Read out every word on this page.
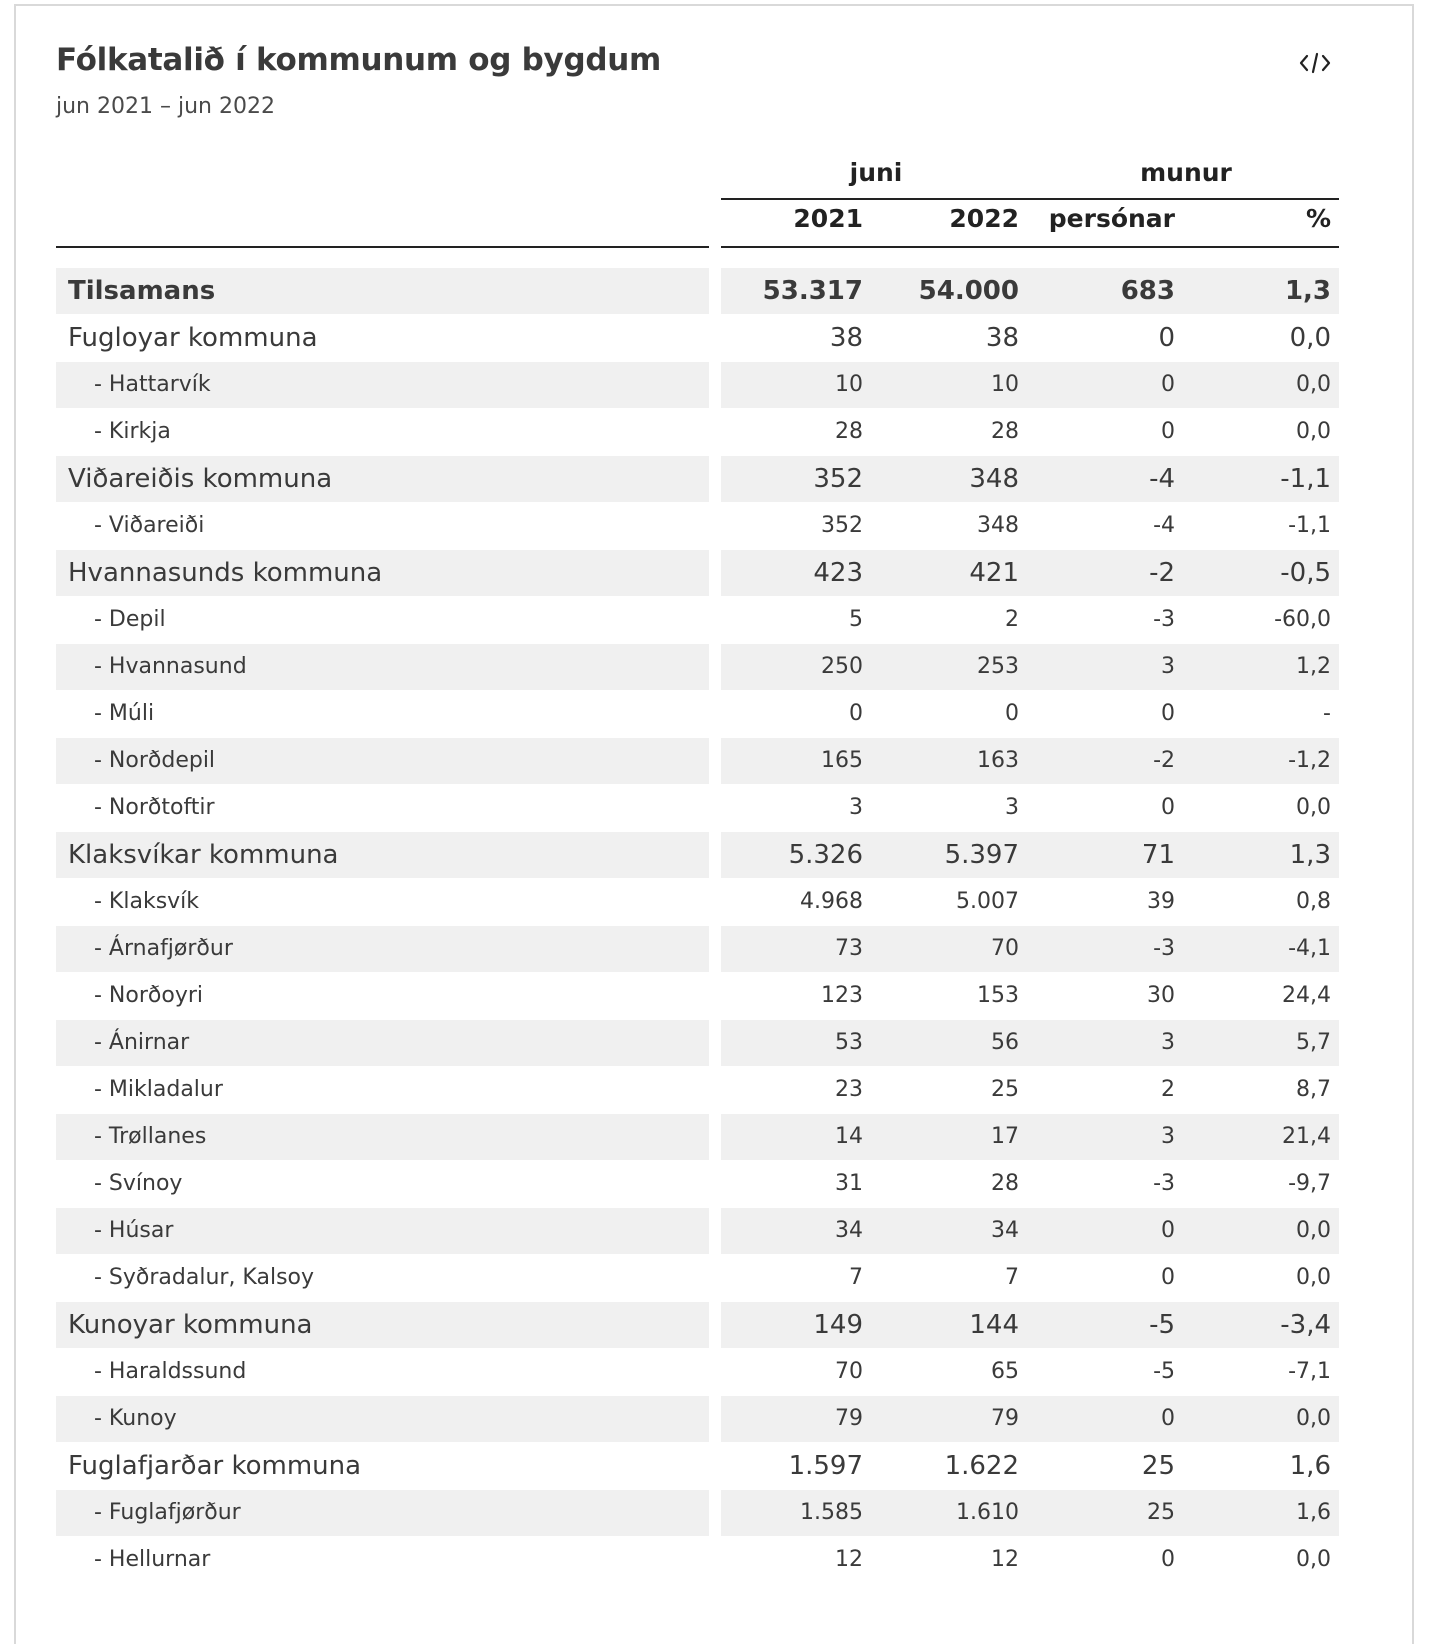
Fólkatalið í kommunum og bygdum
jun 2021 – jun 2022
juni	munur
2021	2022	persónar	%
Tilsamans	53.317	54.000	683	1,3
Fugloyar kommuna	38	38	0	0,0
- Hattarvík	10	10	0	0,0
- Kirkja	28	28	0	0,0
Viðareiðis kommuna	352	348	-4	-1,1
- Viðareiði	352	348	-4	-1,1
Hvannasunds kommuna	423	421	-2	-0,5
- Depil	5	2	-3	-60,0
- Hvannasund	250	253	3	1,2
- Múli	0	0	0	-
- Norðdepil	165	163	-2	-1,2
- Norðtoftir	3	3	0	0,0
Klaksvíkar kommuna	5.326	5.397	71	1,3
- Klaksvík	4.968	5.007	39	0,8
- Árnafjørður	73	70	-3	-4,1
- Norðoyri	123	153	30	24,4
- Ánirnar	53	56	3	5,7
- Mikladalur	23	25	2	8,7
- Trøllanes	14	17	3	21,4
- Svínoy	31	28	-3	-9,7
- Húsar	34	34	0	0,0
- Syðradalur, Kalsoy	7	7	0	0,0
Kunoyar kommuna	149	144	-5	-3,4
- Haraldssund	70	65	-5	-7,1
- Kunoy	79	79	0	0,0
Fuglafjarðar kommuna	1.597	1.622	25	1,6
- Fuglafjørður	1.585	1.610	25	1,6
- Hellurnar	12	12	0	0,0
